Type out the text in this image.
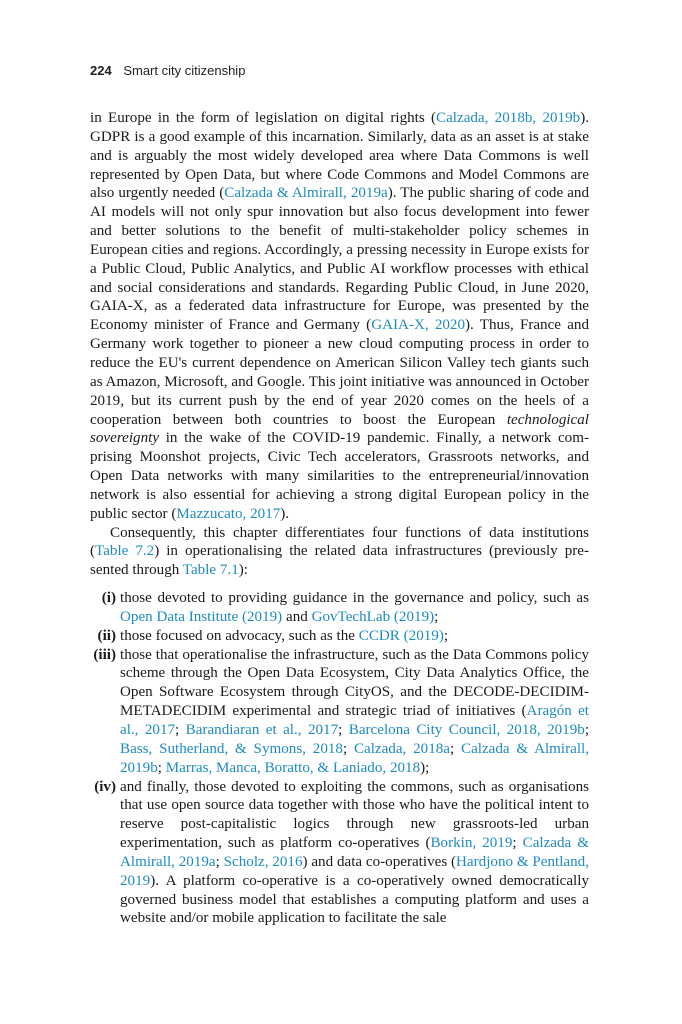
224 Smart city citizenship

in Europe in the form of legislation on digital rights (Calzada, 2018b, 2019b). GDPR is a good example of this incarnation. Similarly, data as an asset is at stake and is arguably the most widely developed area where Data Commons is well represented by Open Data, but where Code Commons and Model Commons are also urgently needed (Calzada & Almirall, 2019a). The public sharing of code and AI models will not only spur innovation but also focus development into fewer and better solutions to the benefit of multi-stakeholder policy schemes in European cities and regions. Accordingly, a pressing necessity in Europe exists for a Public Cloud, Public Analytics, and Public AI workflow processes with ethical and social considerations and standards. Regarding Public Cloud, in June 2020, GAIA-X, as a federated data infrastructure for Europe, was presented by the Economy minister of France and Germany (GAIA-X, 2020). Thus, France and Germany work together to pioneer a new cloud computing process in order to reduce the EU's current dependence on American Silicon Valley tech giants such as Amazon, Microsoft, and Google. This joint initiative was announced in October 2019, but its current push by the end of year 2020 comes on the heels of a cooperation between both countries to boost the European technological sovereignty in the wake of the COVID-19 pandemic. Finally, a network comprising Moonshot projects, Civic Tech accelerators, Grassroots networks, and Open Data networks with many similarities to the entrepreneurial/innovation network is also essential for achieving a strong digital European policy in the public sector (Mazzucato, 2017).

Consequently, this chapter differentiates four functions of data institutions (Table 7.2) in operationalising the related data infrastructures (previously presented through Table 7.1):

(i) those devoted to providing guidance in the governance and policy, such as Open Data Institute (2019) and GovTechLab (2019);
(ii) those focused on advocacy, such as the CCDR (2019);
(iii) those that operationalise the infrastructure, such as the Data Commons policy scheme through the Open Data Ecosystem, City Data Analytics Office, the Open Software Ecosystem through CityOS, and the DECODE-DECIDIM-METADECIDIM experimental and strategic triad of initiatives (Aragón et al., 2017; Barandiaran et al., 2017; Barcelona City Council, 2018, 2019b; Bass, Sutherland, & Symons, 2018; Calzada, 2018a; Calzada & Almirall, 2019b; Marras, Manca, Boratto, & Laniado, 2018);
(iv) and finally, those devoted to exploiting the commons, such as organisations that use open source data together with those who have the political intent to reserve post-capitalistic logics through new grassroots-led urban experimentation, such as platform co-operatives (Borkin, 2019; Calzada & Almirall, 2019a; Scholz, 2016) and data co-operatives (Hardjono & Pentland, 2019). A platform co-operative is a co-operatively owned democratically governed business model that establishes a computing platform and uses a website and/or mobile application to facilitate the sale
